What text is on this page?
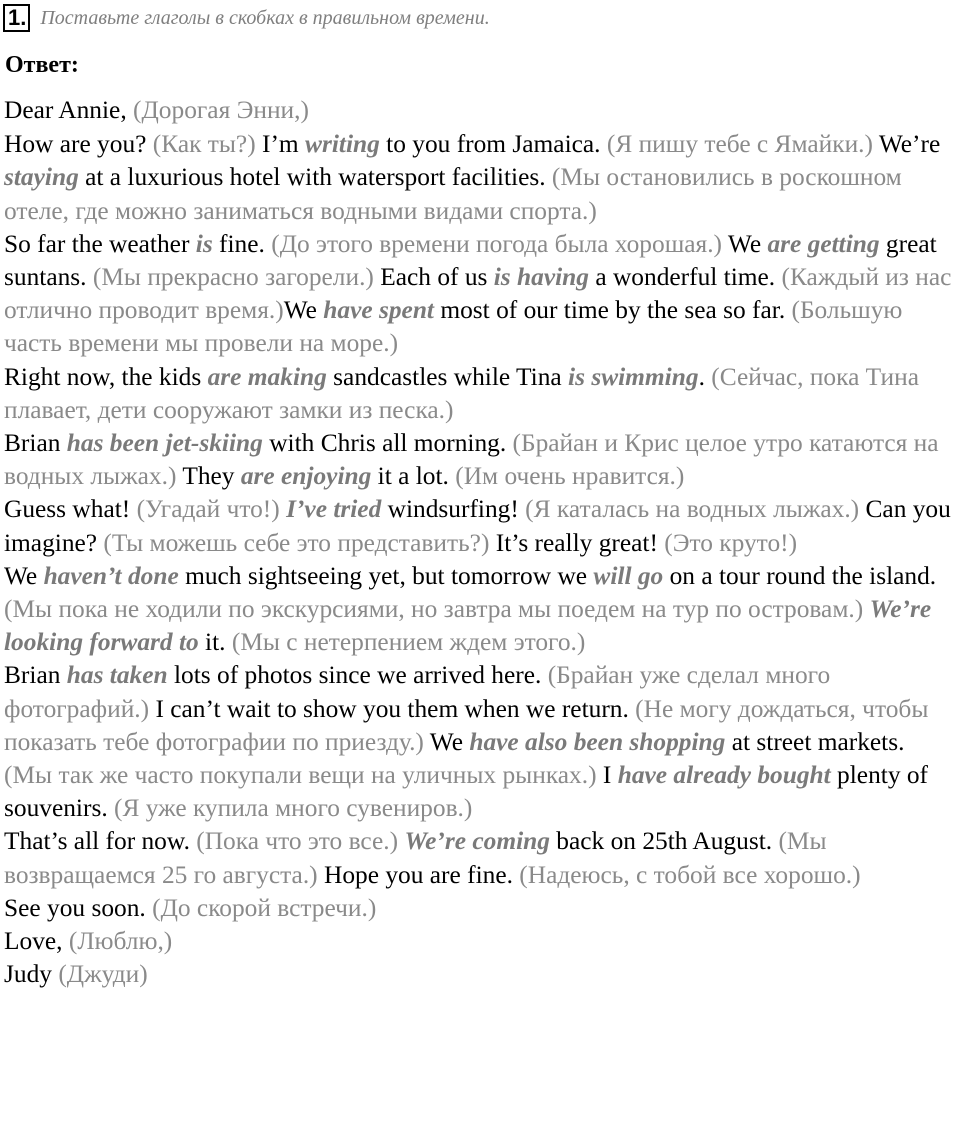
1. Поставьте глаголы в скобках в правильном времени.
Ответ:

Dear Annie, (Дорогая Энни,)

How are you? (Как ты?) I’m writing to you from Jamaica. (Я пишу тебе с Ямайки.) We’re staying at a luxurious hotel with watersport facilities. (Мы остановились в роскошном отеле, где можно заниматься водными видами спорта.)

So far the weather is fine. (До этого времени погода была хорошая.) We are getting great suntans. (Мы прекрасно загорели.) Each of us is having a wonderful time. (Каждый из нас отлично проводит время.)We have spent most of our time by the sea so far. (Большую часть времени мы провели на море.)

Right now, the kids are making sandcastles while Tina is swimming. (Сейчас, пока Тина плавает, дети сооружают замки из песка.)

Brian has been jet-skiing with Chris all morning. (Брайан и Крис целое утро катаются на водных лыжах.) They are enjoying it a lot. (Им очень нравится.)

Guess what! (Угадай что!) I’ve tried windsurfing! (Я каталась на водных лыжах.) Can you imagine? (Ты можешь себе это представить?) It’s really great! (Это круто!)

We haven’t done much sightseeing yet, but tomorrow we will go on a tour round the island. (Мы пока не ходили по экскурсиями, но завтра мы поедем на тур по островам.) We’re looking forward to it. (Мы с нетерпением ждем этого.)

Brian has taken lots of photos since we arrived here. (Брайан уже сделал много фотографий.) I can’t wait to show you them when we return. (Не могу дождаться, чтобы показать тебе фотографии по приезду.) We have also been shopping at street markets. (Мы так же часто покупали вещи на уличных рынках.) I have already bought plenty of souvenirs. (Я уже купила много сувениров.)

That’s all for now. (Пока что это все.) We’re coming back on 25th August. (Мы возвращаемся 25 го августа.) Hope you are fine. (Надеюсь, с тобой все хорошо.)

See you soon. (До скорой встречи.)

Love, (Люблю,)

Judy (Джуди)
